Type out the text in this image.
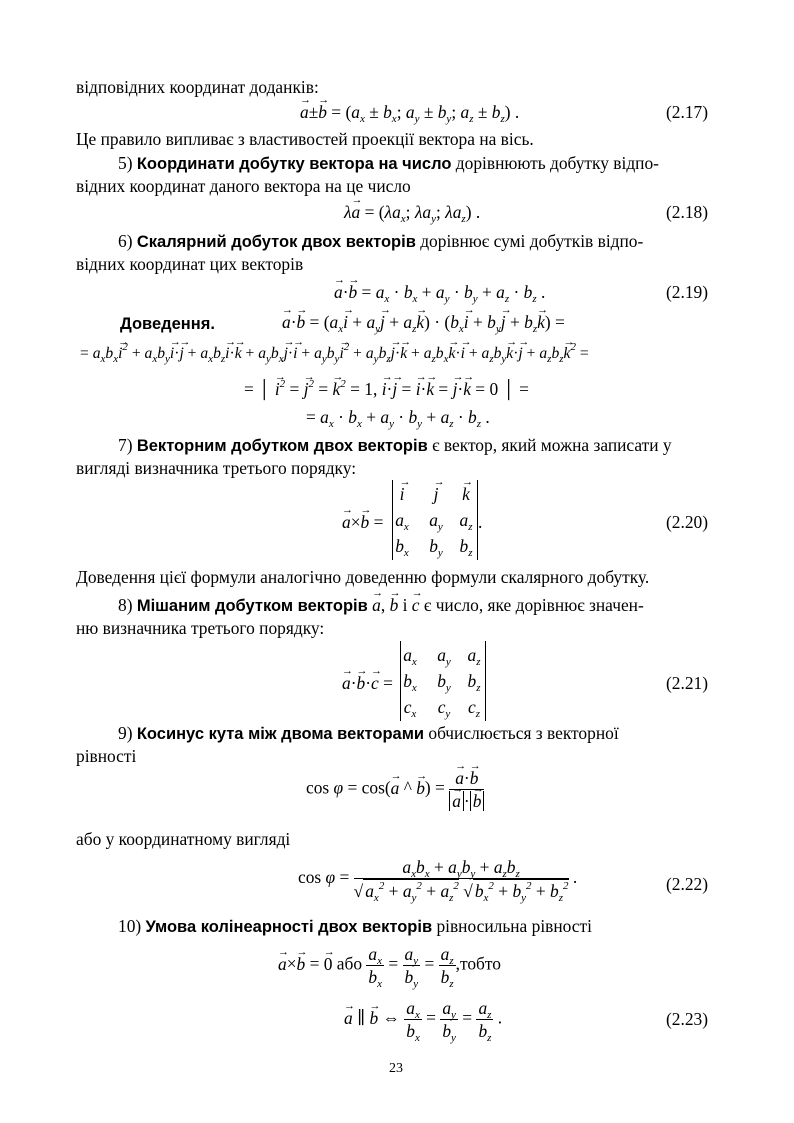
відповідних координат доданків:
→ $a\pm\to b = (a_x \pm b_x$; $a_y \pm b_y$; $a_z \pm b_z$) .	(2.17)
Це правило випливає з властивостей проекції вектора на вісь.
5) Координати добутку вектора на число дорівнюють добутку відпо-
відних координат даного вектора на це число
$\lambda\to a = (\lambda a_x$; $\lambda a_y$; $\lambda a_z$) .	(2.18)
6) Скалярний добуток двох векторів дорівнює сумі добутків відпо-
відних координат цих векторів
→ $a\cdot\to b = a_x \cdot b_x + a_y \cdot b_y + a_z \cdot b_z$ .	(2.19)
Доведення.	→ $a\cdot\to b = (a_x\to i + a_y\to j + a_z\to k) \cdot (b_x\to i + b_y\to j + b_z\to k)$ =
= $a_xb_x\to i^2 + a_xb_y\to i\cdot\to j + a_xb_z\to i\cdot\to k + a_yb_x\to j\cdot\to i + a_yb_y\to i^2 + a_yb_z\to j\cdot\to k + a_zb_x\to k\cdot\to i + a_zb_y\to k\cdot\to j + a_zb_z\to k^2$ =
= │ → $i^2$ = → $j^2$ = → $k^2 = 1$, → i·→ j = → i·→ k = → j·→ k = 0 │ =
= $a_x \cdot b_x + a_y \cdot b_y + a_z \cdot b_z$ .
7) Векторним добутком двох векторів є вектор, який можна записати у
вигляді визначника третього порядку:
→ a×→ b =
→ i	→ j	→ k
$a_x$	$a_y$ $a_z$
$b_x$	$b_y$ $b_z$
.	(2.20)
Доведення цієї формули аналогічно доведенню формули скалярного добутку.
8) Мішаним добутком векторів → a, → b і → c є число, яке дорівнює значен-
ню визначника третього порядку:
→ a·→ b·→ c =
$a_x$	$a_y$ $a_z$
$b_x$	$b_y$ $b_z$
$c_x$	$c_y$	$c_z$
(2.21)
9) Косинус кута між двома векторами обчислюється з векторної
рівності
cos φ = cos(→ a ^ → b) = → a·→ b
→ a · → b
або у координатному вигляді
$\cos \varphi = \frac{a_xb_x + a_yb_y + a_zb_z}{√ a_x^2 + a_y^2 + a_z^2 √ b_x^2 + b_y^2 + b_z^2}$ .	(2.22)
10) Умова колінеарності двох векторів рівносильна рівності
→ a×→ b = → 0 або $\frac{a_x}{b_x} = \frac{a_y}{b_y} = \frac{a_z}{b_z}$ ,тобто
→ a ∥ → b ⇔ $\frac{a_x}{b_x} = \frac{a_y}{b_y} = \frac{a_z}{b_z}$ .	(2.23)
23
